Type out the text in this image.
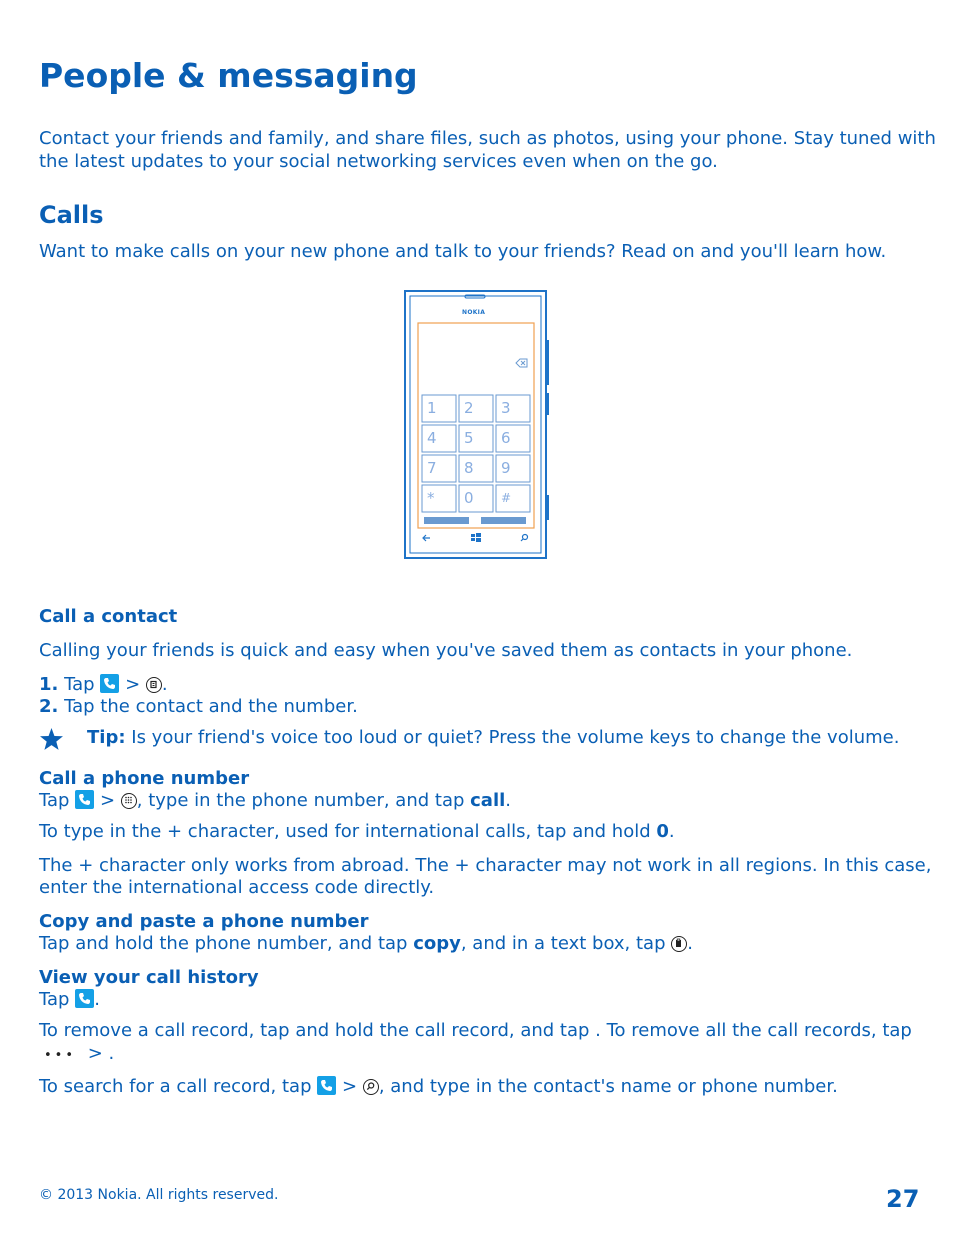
People & messaging
Contact your friends and family, and share files, such as photos, using your phone. Stay tuned with
the latest updates to your social networking services even when on the go.
Calls
Want to make calls on your new phone and talk to your friends? Read on and you'll learn how.
NOKIA
1 2 3
4 5 6
7 8 9
* 0 #
Call a contact
Calling your friends is quick and easy when you've saved them as contacts in your phone.
1. Tap > .
2. Tap the contact and the number.
Tip: Is your friend's voice too loud or quiet? Press the volume keys to change the volume.
Call a phone number
Tap > , type in the phone number, and tap call.
To type in the + character, used for international calls, tap and hold 0.
The + character only works from abroad. The + character may not work in all regions. In this case,
enter the international access code directly.
Copy and paste a phone number
Tap and hold the phone number, and tap copy, and in a text box, tap .
View your call history
Tap .
To remove a call record, tap and hold the call record, and tap . To remove all the call records, tap
••• > .
To search for a call record, tap > , and type in the contact's name or phone number.
© 2013 Nokia. All rights reserved.	27
